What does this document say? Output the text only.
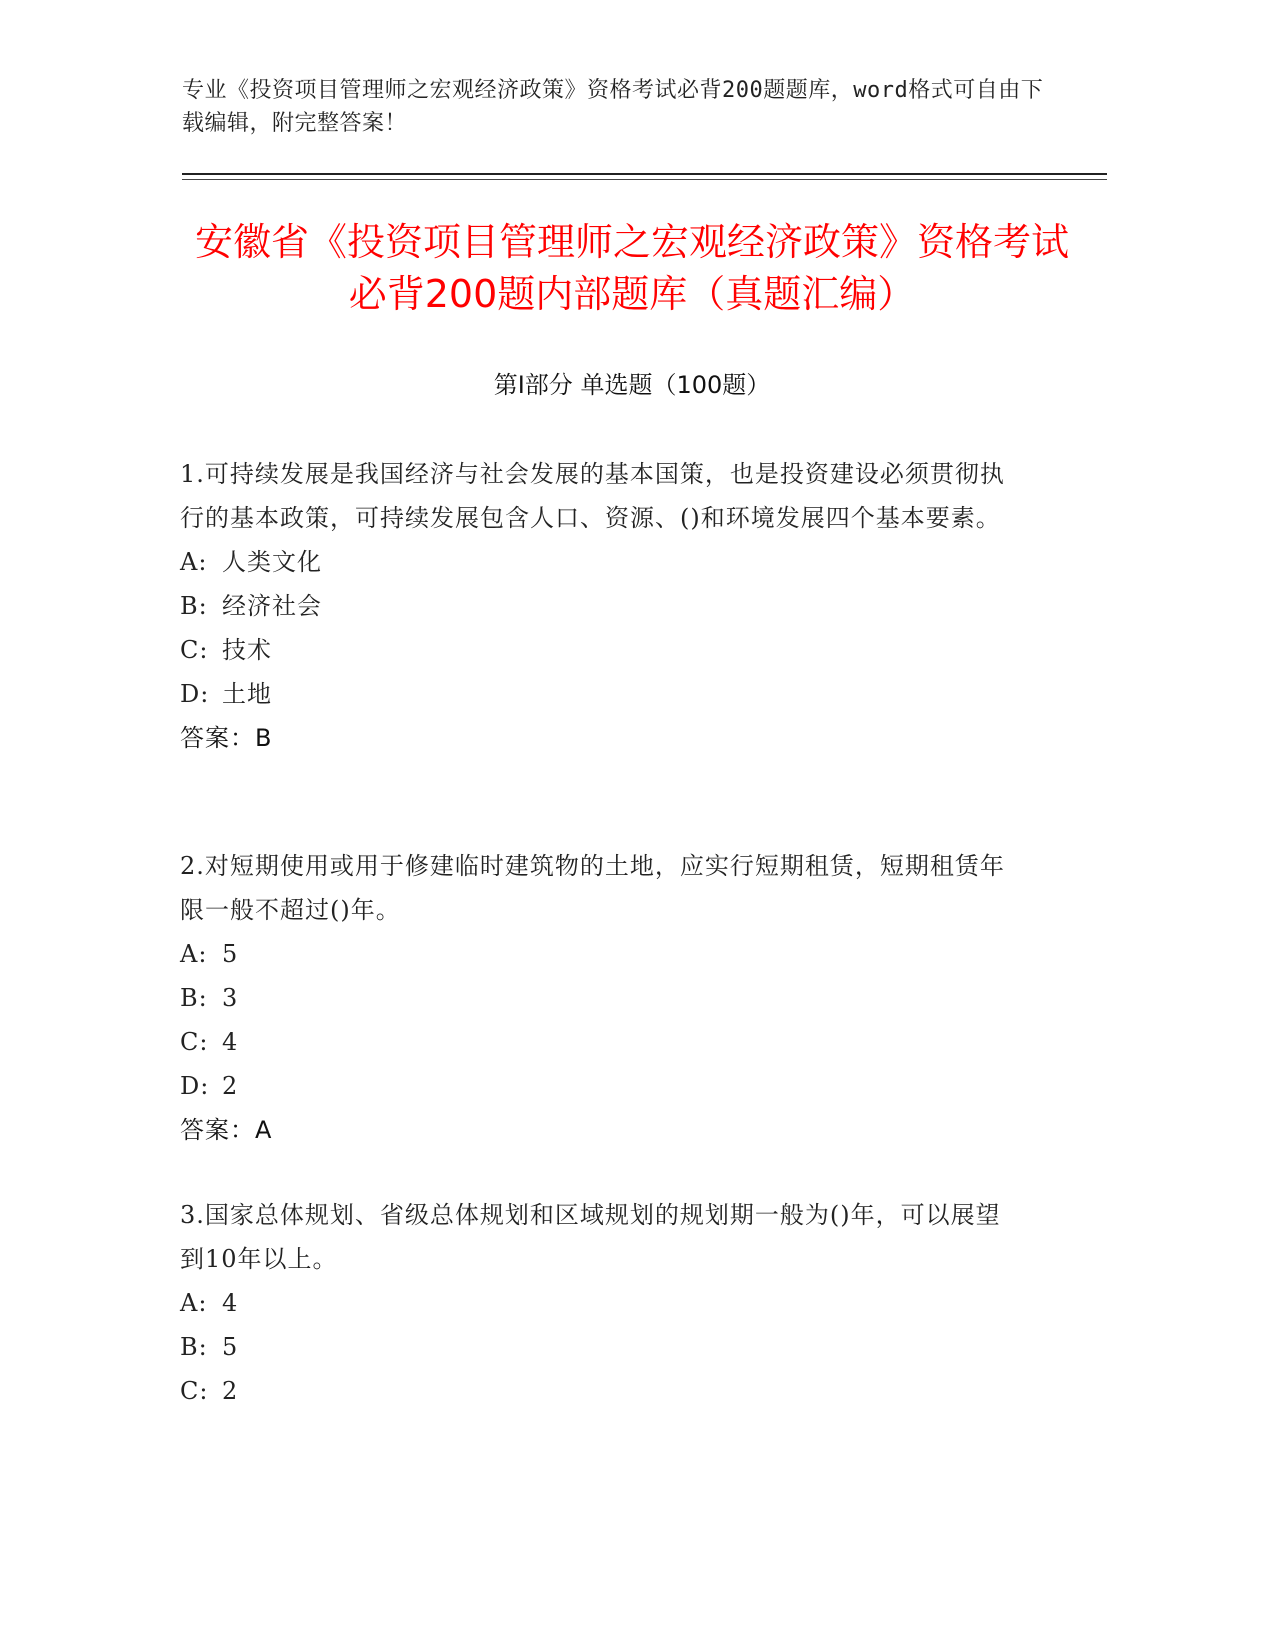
专业《投资项目管理师之宏观经济政策》资格考试必背200题题库，word格式可自由下载编辑，附完整答案！
安徽省《投资项目管理师之宏观经济政策》资格考试必背200题内部题库（真题汇编）
第I部分 单选题（100题）

1.可持续发展是我国经济与社会发展的基本国策，也是投资建设必须贯彻执行的基本政策，可持续发展包含人口、资源、()和环境发展四个基本要素。

A: 人类文化

B: 经济社会

C: 技术

D: 土地

答案：B

2.对短期使用或用于修建临时建筑物的土地，应实行短期租赁，短期租赁年限一般不超过()年。

A: 5

B: 3

C: 4

D: 2

答案：A

3.国家总体规划、省级总体规划和区域规划的规划期一般为()年，可以展望到10年以上。

A: 4

B: 5

C: 2
